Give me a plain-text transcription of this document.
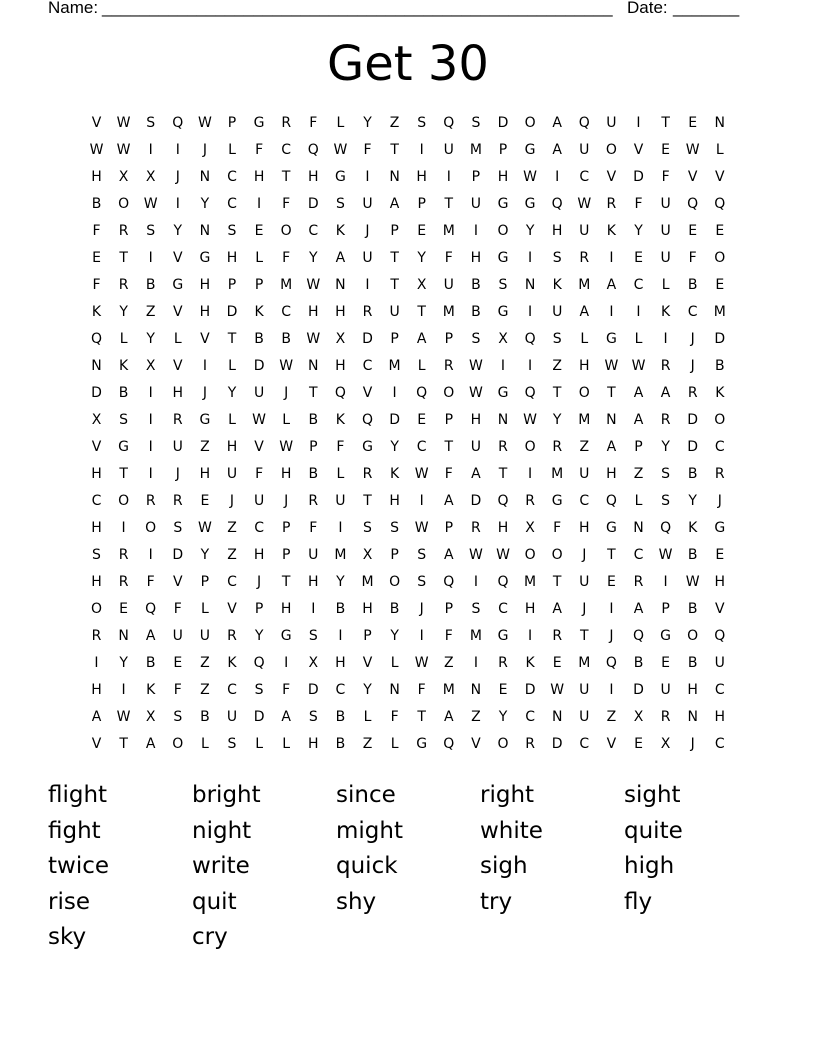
Name: ______________________________________________________ Date: _______
Get 30
V	W	S	Q	W	P	G	R	F	L	Y	Z	S	Q	S	D	O	A	Q	U	I	T	E	N
W W	I	I	J	L	F	C	Q	W	F	T	I	U	M	P	G	A	U	O	V	E	W	L
H	X	X	J	N	C	H	T	H	G	I	N	H	I	P	H	W	I	C	V	D	F	V	V
B	O	W	I	Y	C	I	F	D	S	U	A	P	T	U	G	G	Q	W	R	F	U	Q	Q
F	R	S	Y	N	S	E	O	C	K	J	P	E	M	I	O	Y	H	U	K	Y	U	E	E
E	T	I	V	G	H	L	F	Y	A	U	T	Y	F	H	G	I	S	R	I	E	U	F	O
F	R	B	G	H	P	P	M	W	N	I	T	X	U	B	S	N	K	M	A	C	L	B	E
K	Y	Z	V	H	D	K	C	H	H	R	U	T	M	B	G	I	U	A	I	I	K	C	M
Q	L	Y	L	V	T	B	B	W	X	D	P	A	P	S	X	Q	S	L	G	L	I	J	D
N	K	X	V	I	L	D	W	N	H	C	M	L	R	W	I	I	Z	H	W W	R	J	B
D	B	I	H	J	Y	U	J	T	Q	V	I	Q	O	W	G	Q	T	O	T	A	A	R	K
X	S	I	R	G	L	W	L	B	K	Q	D	E	P	H	N	W	Y	M	N	A	R	D	O
V	G	I	U	Z	H	V	W	P	F	G	Y	C	T	U	R	O	R	Z	A	P	Y	D	C
H	T	I	J	H	U	F	H	B	L	R	K	W	F	A	T	I	M	U	H	Z	S	B	R
C	O	R	R	E	J	U	J	R	U	T	H	I	A	D	Q	R	G	C	Q	L	S	Y	J
H	I	O	S	W	Z	C	P	F	I	S	S	W	P	R	H	X	F	H	G	N	Q	K	G
S	R	I	D	Y	Z	H	P	U	M	X	P	S	A	W W	O	O	J	T	C	W	B	E
H	R	F	V	P	C	J	T	H	Y	M	O	S	Q	I	Q	M	T	U	E	R	I	W	H
O	E	Q	F	L	V	P	H	I	B	H	B	J	P	S	C	H	A	J	I	A	P	B	V
R	N	A	U	U	R	Y	G	S	I	P	Y	I	F	M	G	I	R	T	J	Q	G	O	Q
I	Y	B	E	Z	K	Q	I	X	H	V	L	W	Z	I	R	K	E	M	Q	B	E	B	U
H	I	K	F	Z	C	S	F	D	C	Y	N	F	M	N	E	D	W	U	I	D	U	H	C
A	W	X	S	B	U	D	A	S	B	L	F	T	A	Z	Y	C	N	U	Z	X	R	N	H
V	T	A	O	L	S	L	L	H	B	Z	L	G	Q	V	O	R	D	C	V	E	X	J	C
flight	bright	since	right	sight
fight	night	might	white	quite
twice	write	quick	sigh	high
rise	quit	shy	try	fly
sky	cry
